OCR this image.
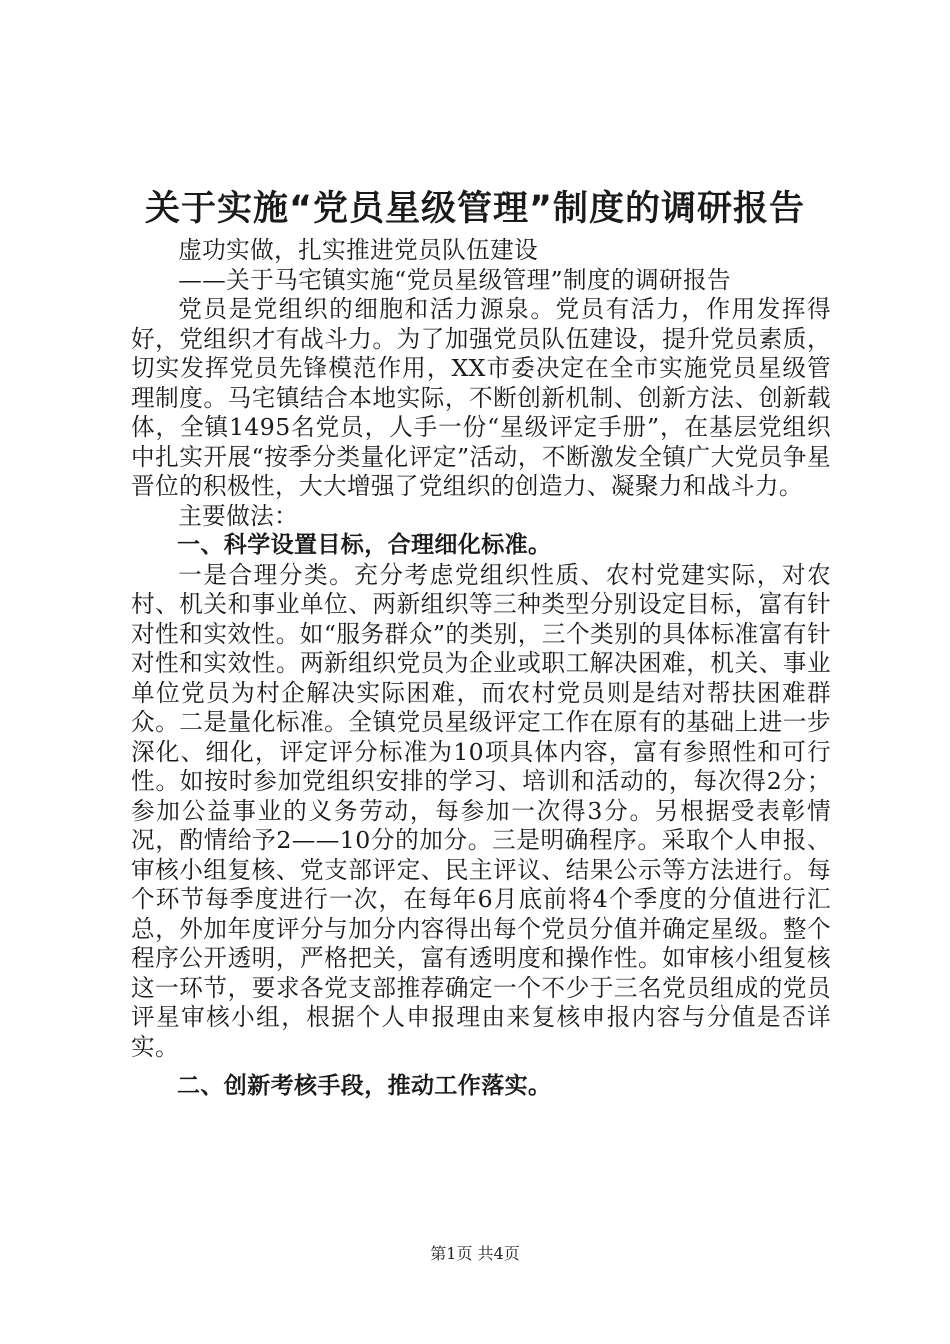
关于实施“党员星级管理”制度的调研报告

虚功实做，扎实推进党员队伍建设

——关于马宅镇实施“党员星级管理”制度的调研报告

党员是党组织的细胞和活力源泉。党员有活力，作用发挥得好，党组织才有战斗力。为了加强党员队伍建设，提升党员素质，切实发挥党员先锋模范作用，XX市委决定在全市实施党员星级管理制度。马宅镇结合本地实际，不断创新机制、创新方法、创新载体，全镇1495名党员，人手一份“星级评定手册”，在基层党组织中扎实开展“按季分类量化评定”活动，不断激发全镇广大党员争星晋位的积极性，大大增强了党组织的创造力、凝聚力和战斗力。

主要做法：

一、科学设置目标，合理细化标准。

一是合理分类。充分考虑党组织性质、农村党建实际，对农村、机关和事业单位、两新组织等三种类型分别设定目标，富有针对性和实效性。如“服务群众”的类别，三个类别的具体标准富有针对性和实效性。两新组织党员为企业或职工解决困难，机关、事业单位党员为村企解决实际困难，而农村党员则是结对帮扶困难群众。二是量化标准。全镇党员星级评定工作在原有的基础上进一步深化、细化，评定评分标准为10项具体内容，富有参照性和可行性。如按时参加党组织安排的学习、培训和活动的，每次得2分；参加公益事业的义务劳动，每参加一次得3分。另根据受表彰情况，酌情给予2——10分的加分。三是明确程序。采取个人申报、审核小组复核、党支部评定、民主评议、结果公示等方法进行。每个环节每季度进行一次，在每年6月底前将4个季度的分值进行汇总，外加年度评分与加分内容得出每个党员分值并确定星级。整个程序公开透明，严格把关，富有透明度和操作性。如审核小组复核这一环节，要求各党支部推荐确定一个不少于三名党员组成的党员评星审核小组，根据个人申报理由来复核申报内容与分值是否详实。

二、创新考核手段，推动工作落实。

第1页 共4页
